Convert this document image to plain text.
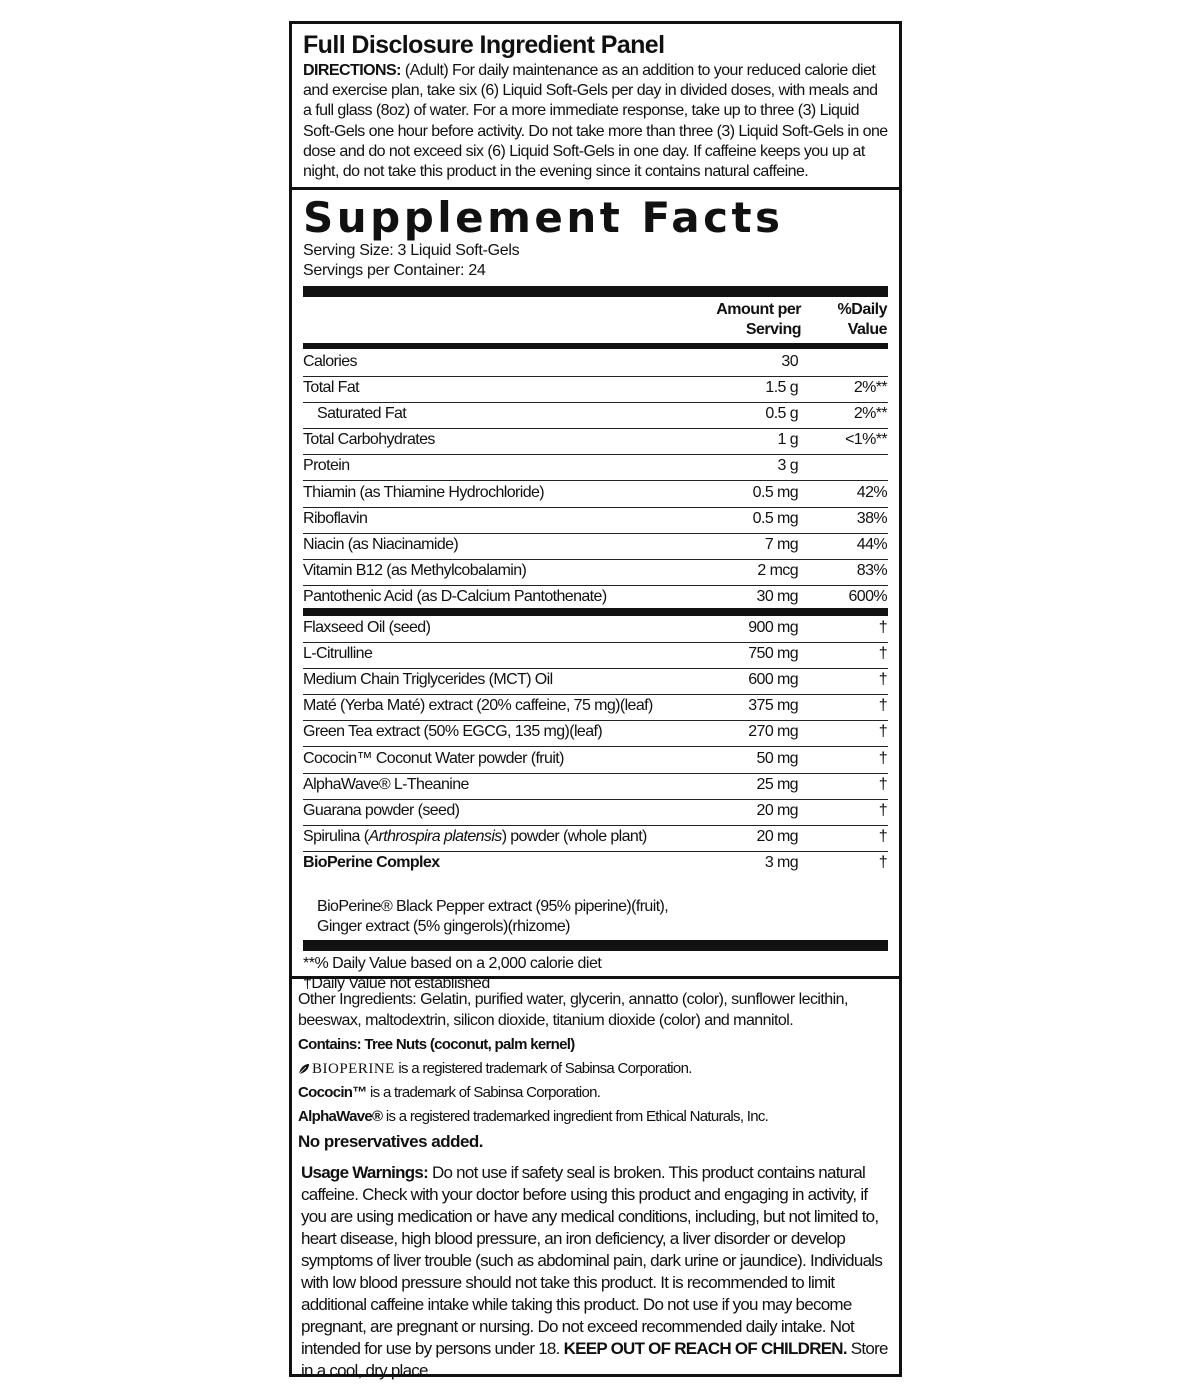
Full Disclosure Ingredient Panel
DIRECTIONS: (Adult) For daily maintenance as an addition to your reduced calorie diet and exercise plan, take six (6) Liquid Soft-Gels per day in divided doses, with meals and a full glass (8oz) of water. For a more immediate response, take up to three (3) Liquid Soft-Gels one hour before activity. Do not take more than three (3) Liquid Soft-Gels in one dose and do not exceed six (6) Liquid Soft-Gels in one day. If caffeine keeps you up at night, do not take this product in the evening since it contains natural caffeine.
Supplement Facts
Serving Size: 3 Liquid Soft-Gels
Servings per Container: 24
Amount per
Serving
%Daily
Value
Calories	30
Total Fat	1.5 g	2%**
Saturated Fat	0.5 g	2%**
Total Carbohydrates	1 g	<1%**
Protein	3 g
Thiamin (as Thiamine Hydrochloride)	0.5 mg	42%
Riboflavin	0.5 mg	38%
Niacin (as Niacinamide)	7 mg	44%
Vitamin B12 (as Methylcobalamin)	2 mcg	83%
Pantothenic Acid (as D-Calcium Pantothenate)	30 mg	600%
Flaxseed Oil (seed)	900 mg	†
L-Citrulline	750 mg	†
Medium Chain Triglycerides (MCT) Oil	600 mg	†
Maté (Yerba Maté) extract (20% caffeine, 75 mg)(leaf)	375 mg	†
Green Tea extract (50% EGCG, 135 mg)(leaf)	270 mg	†
Cococin™ Coconut Water powder (fruit)	50 mg	†
AlphaWave® L-Theanine	25 mg	†
Guarana powder (seed)	20 mg	†
Spirulina (Arthrospira platensis) powder (whole plant)	20 mg	†
BioPerine Complex	3 mg	†
BioPerine® Black Pepper extract (95% piperine)(fruit),
Ginger extract (5% gingerols)(rhizome)
**% Daily Value based on a 2,000 calorie diet
†Daily Value not established
Other Ingredients: Gelatin, purified water, glycerin, annatto (color), sunflower lecithin, beeswax, maltodextrin, silicon dioxide, titanium dioxide (color) and mannitol.
Contains: Tree Nuts (coconut, palm kernel)
BIOPERINE is a registered trademark of Sabinsa Corporation.
Cococin™ is a trademark of Sabinsa Corporation.
AlphaWave® is a registered trademarked ingredient from Ethical Naturals, Inc.
No preservatives added.
Usage Warnings: Do not use if safety seal is broken. This product contains natural caffeine. Check with your doctor before using this product and engaging in activity, if you are using medication or have any medical conditions, including, but not limited to, heart disease, high blood pressure, an iron deficiency, a liver disorder or develop symptoms of liver trouble (such as abdominal pain, dark urine or jaundice). Individuals with low blood pressure should not take this product. It is recommended to limit additional caffeine intake while taking this product. Do not use if you may become pregnant, are pregnant or nursing. Do not exceed recommended daily intake. Not intended for use by persons under 18. KEEP OUT OF REACH OF CHILDREN. Store in a cool, dry place.
